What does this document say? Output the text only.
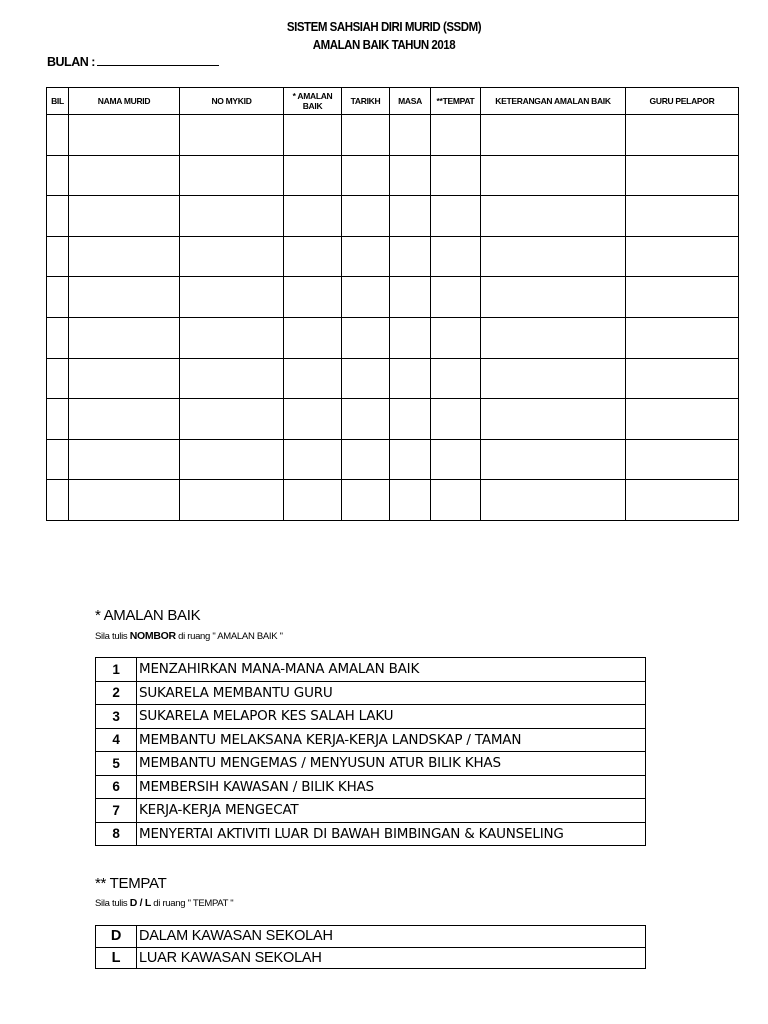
SISTEM SAHSIAH DIRI MURID (SSDM)
AMALAN BAIK TAHUN 2018
BULAN :
BIL	NAMA MURID	NO MYKID	* AMALAN BAIK	TARIKH	MASA	**TEMPAT	KETERANGAN AMALAN BAIK	GURU PELAPOR

* AMALAN BAIK
Sila tulis NOMBOR di ruang " AMALAN BAIK "
1	MENZAHIRKAN MANA-MANA AMALAN BAIK
2	SUKARELA MEMBANTU GURU
3	SUKARELA MELAPOR KES SALAH LAKU
4	MEMBANTU MELAKSANA KERJA-KERJA LANDSKAP / TAMAN
5	MEMBANTU MENGEMAS / MENYUSUN ATUR BILIK KHAS
6	MEMBERSIH KAWASAN / BILIK KHAS
7	KERJA-KERJA MENGECAT
8	MENYERTAI AKTIVITI LUAR DI BAWAH BIMBINGAN & KAUNSELING
** TEMPAT
Sila tulis D / L di ruang " TEMPAT "
D	DALAM KAWASAN SEKOLAH
L	LUAR KAWASAN SEKOLAH
